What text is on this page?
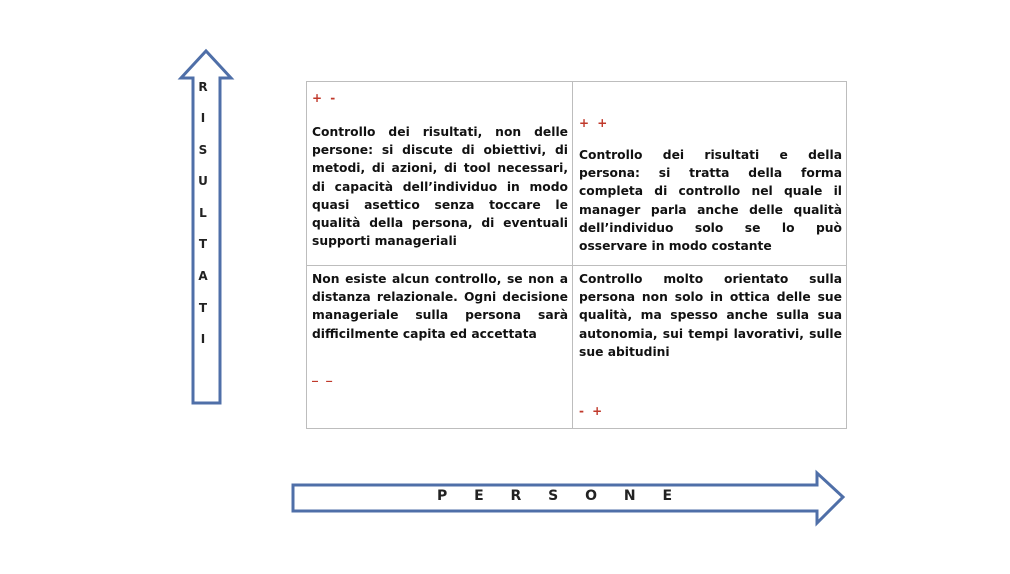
R
I
S
U
L
T
A
T
I
P E R S O N E
+ -
Controllo dei risultati, non delle persone: si discute di obiettivi, di metodi, di azioni, di tool necessari, di capacità dell’individuo in modo quasi asettico senza toccare le qualità della persona, di eventuali supporti manageriali
+ +
Controllo dei risultati e della persona: si tratta della forma completa di controllo nel quale il manager parla anche delle qualità dell’individuo solo se lo può osservare in modo costante
Non esiste alcun controllo, se non a distanza relazionale. Ogni decisione manageriale sulla persona sarà difficilmente capita ed accettata
_ _
Controllo molto orientato sulla persona non solo in ottica delle sue qualità, ma spesso anche sulla sua autonomia, sui tempi lavorativi, sulle sue abitudini
- +
